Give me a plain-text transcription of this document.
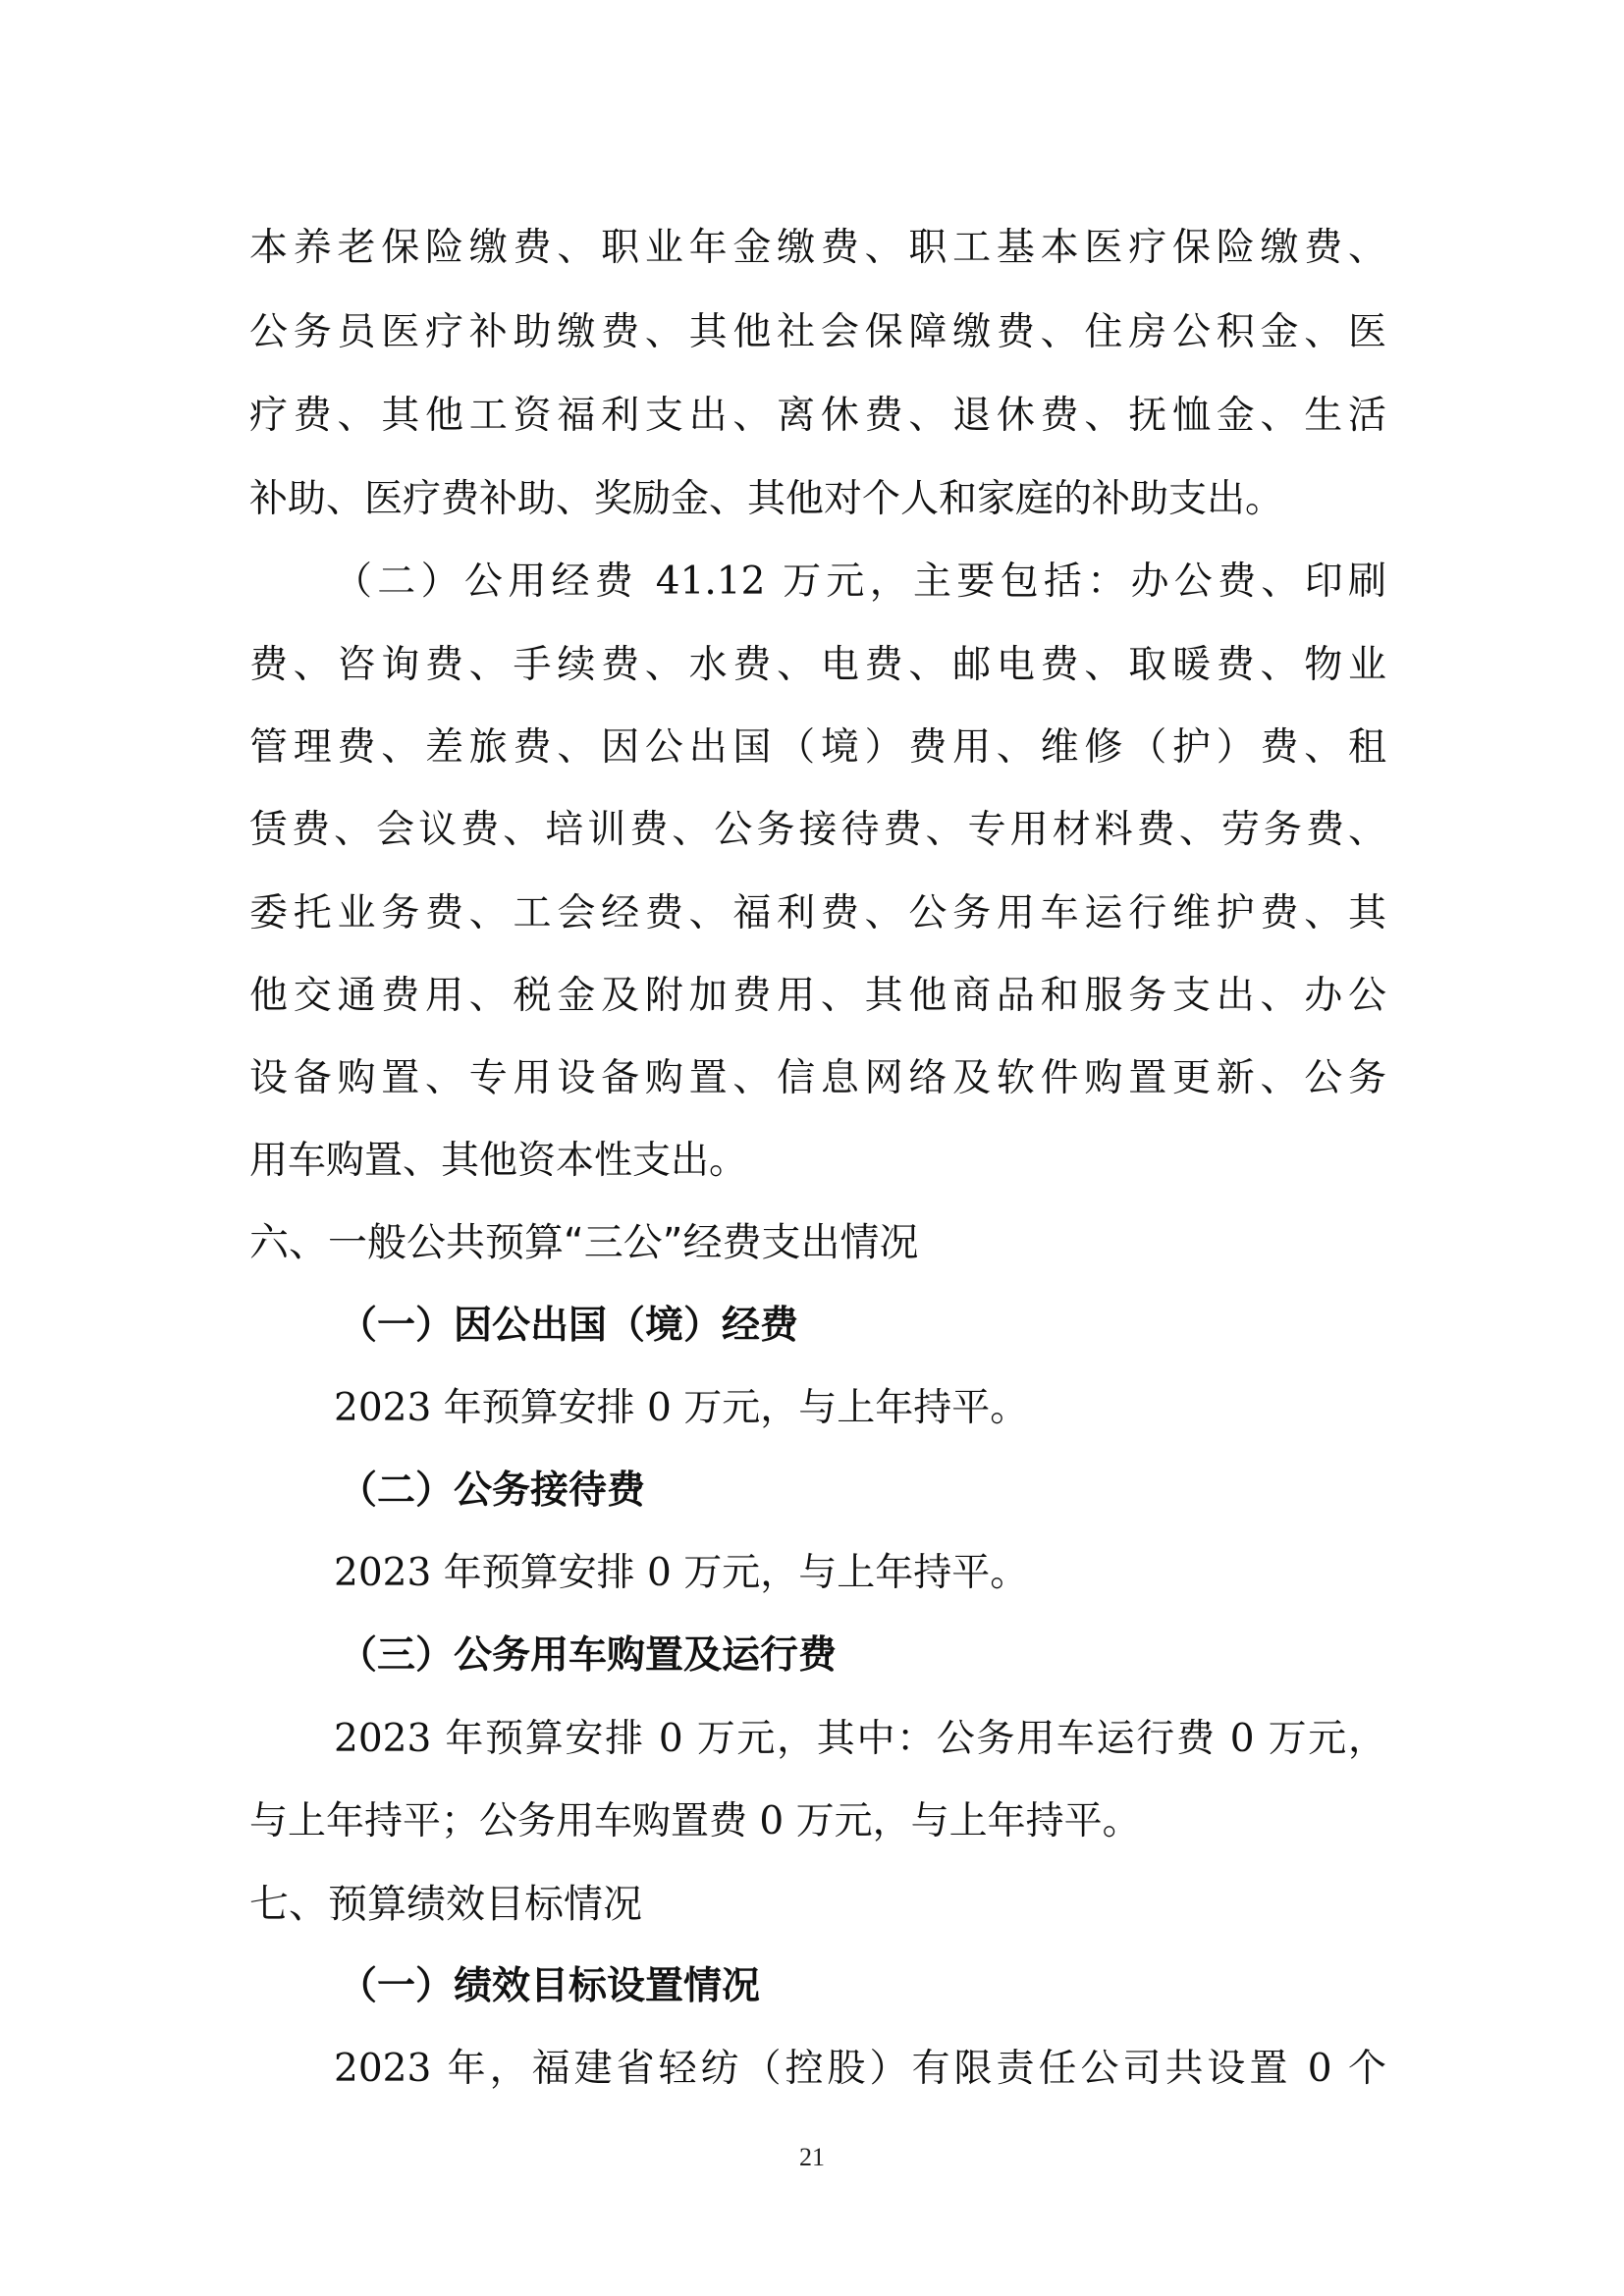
本养老保险缴费、职业年金缴费、职工基本医疗保险缴费、
公务员医疗补助缴费、其他社会保障缴费、住房公积金、医
疗费、其他工资福利支出、离休费、退休费、抚恤金、生活
补助、医疗费补助、奖励金、其他对个人和家庭的补助支出。
（二）公用经费 41.12 万元，主要包括：办公费、印刷
费、咨询费、手续费、水费、电费、邮电费、取暖费、物业
管理费、差旅费、因公出国（境）费用、维修（护）费、租
赁费、会议费、培训费、公务接待费、专用材料费、劳务费、
委托业务费、工会经费、福利费、公务用车运行维护费、其
他交通费用、税金及附加费用、其他商品和服务支出、办公
设备购置、专用设备购置、信息网络及软件购置更新、公务
用车购置、其他资本性支出。
六、一般公共预算“三公”经费支出情况
（一）因公出国（境）经费
2023 年预算安排 0 万元，与上年持平。
（二）公务接待费
2023 年预算安排 0 万元，与上年持平。
（三）公务用车购置及运行费
2023 年预算安排 0 万元，其中：公务用车运行费 0 万元，
与上年持平；公务用车购置费 0 万元，与上年持平。
七、预算绩效目标情况
（一）绩效目标设置情况
2023 年，福建省轻纺（控股）有限责任公司共设置 0 个
21
